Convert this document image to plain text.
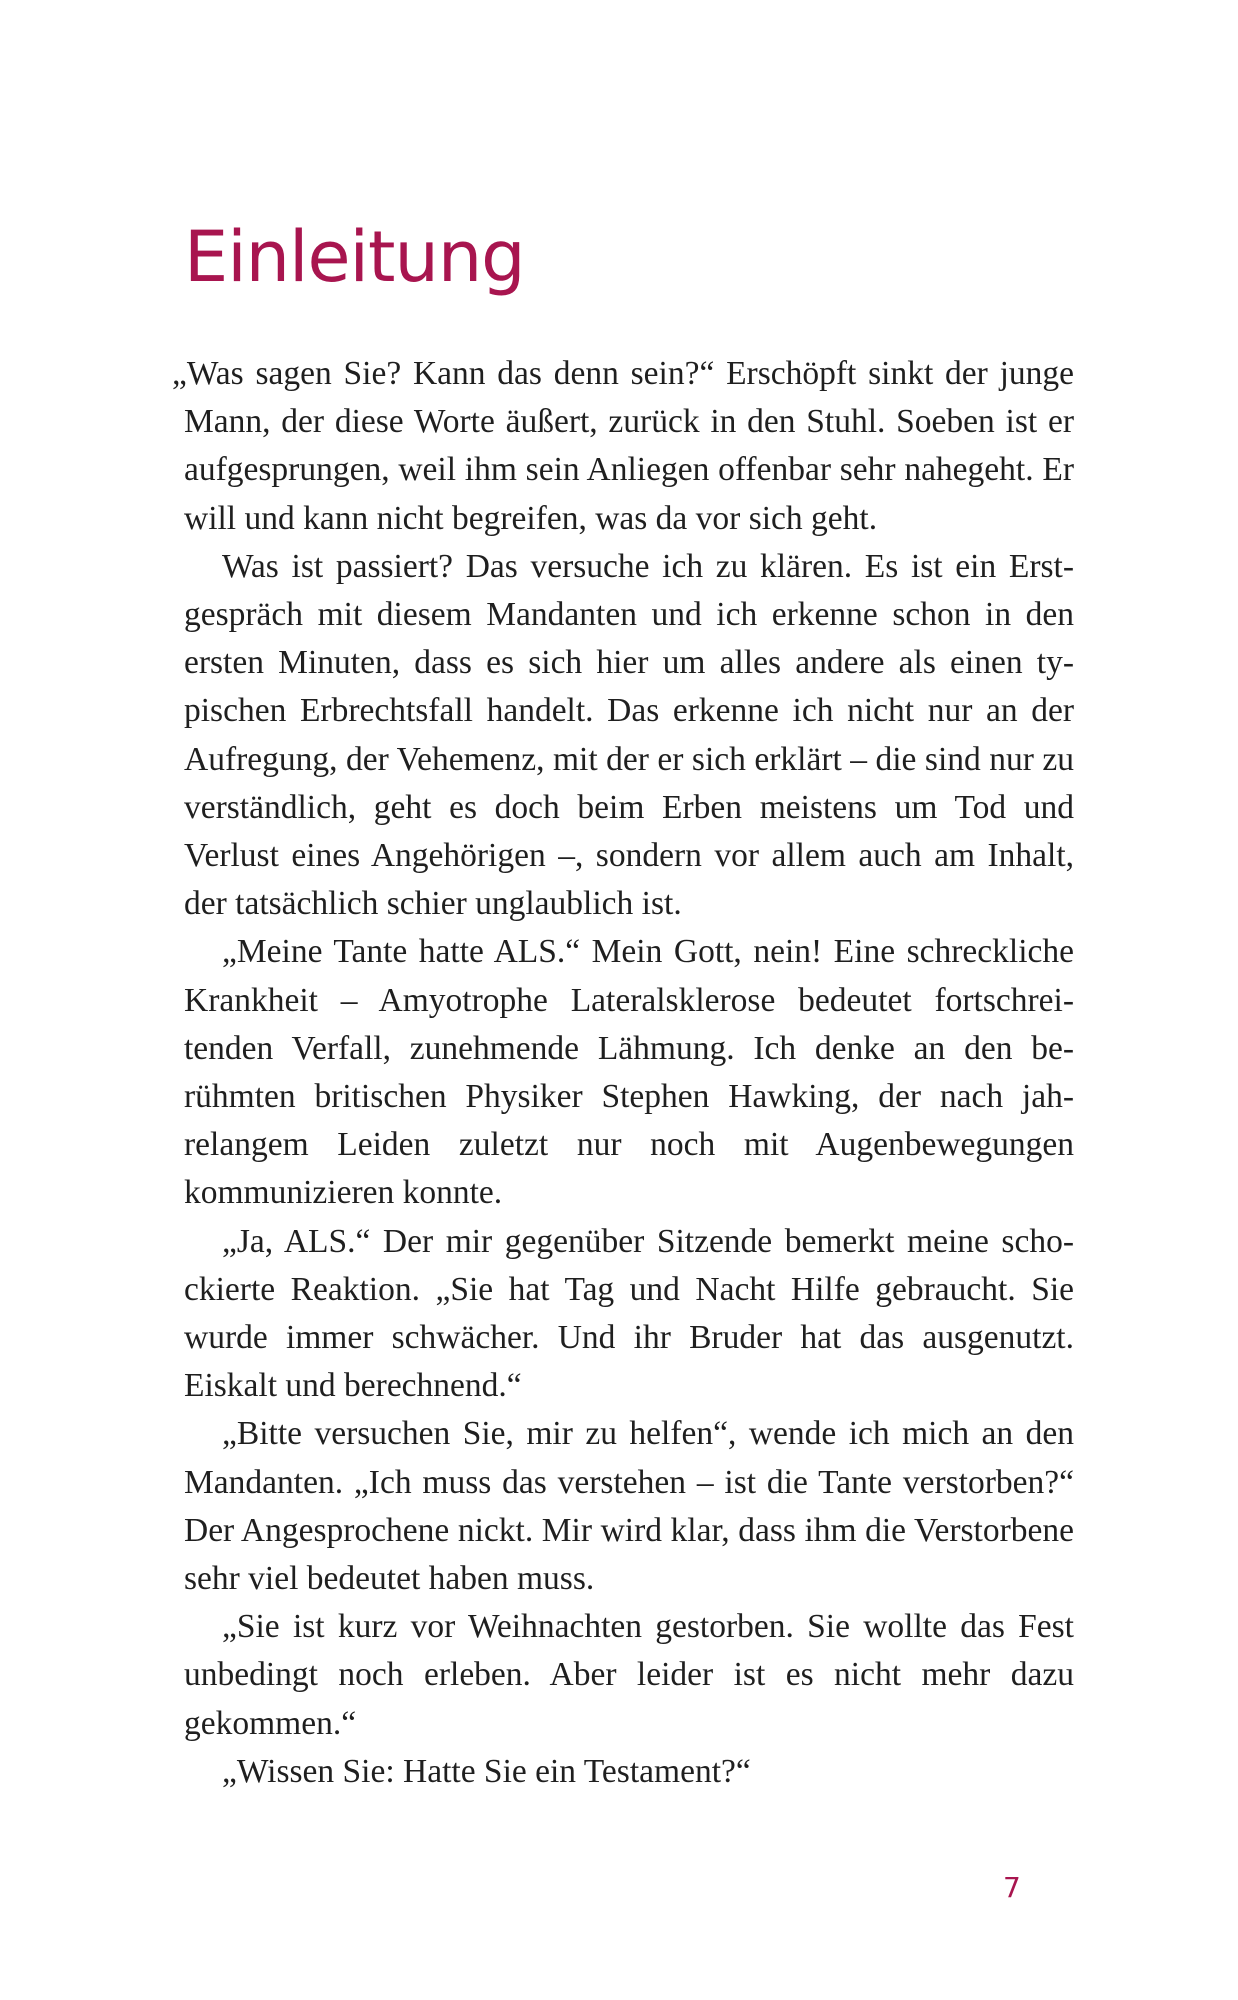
Einleitung

„Was sagen Sie? Kann das denn sein?“ Erschöpft sinkt der junge Mann, der diese Worte äußert, zurück in den Stuhl. Soeben ist er aufgesprungen, weil ihm sein Anliegen offenbar sehr nahegeht. Er will und kann nicht begreifen, was da vor sich geht.

Was ist passiert? Das versuche ich zu klären. Es ist ein Erstgespräch mit diesem Mandanten und ich erkenne schon in den ersten Minuten, dass es sich hier um alles andere als einen typischen Erbrechtsfall handelt. Das erkenne ich nicht nur an der Aufregung, der Vehemenz, mit der er sich erklärt – die sind nur zu verständlich, geht es doch beim Erben meistens um Tod und Verlust eines Angehörigen –, sondern vor allem auch am Inhalt, der tatsächlich schier unglaublich ist.

„Meine Tante hatte ALS.“ Mein Gott, nein! Eine schreckliche Krankheit – Amyotrophe Lateralsklerose bedeutet fortschreitenden Verfall, zunehmende Lähmung. Ich denke an den berühmten britischen Physiker Stephen Hawking, der nach jahrelangem Leiden zuletzt nur noch mit Augenbewegungen kommunizieren konnte.

„Ja, ALS.“ Der mir gegenüber Sitzende bemerkt meine schockierte Reaktion. „Sie hat Tag und Nacht Hilfe gebraucht. Sie wurde immer schwächer. Und ihr Bruder hat das ausgenutzt. Eiskalt und berechnend.“

„Bitte versuchen Sie, mir zu helfen“, wende ich mich an den Mandanten. „Ich muss das verstehen – ist die Tante verstorben?“ Der Angesprochene nickt. Mir wird klar, dass ihm die Verstorbene sehr viel bedeutet haben muss.

„Sie ist kurz vor Weihnachten gestorben. Sie wollte das Fest unbedingt noch erleben. Aber leider ist es nicht mehr dazu gekommen.“

„Wissen Sie: Hatte Sie ein Testament?“

7
